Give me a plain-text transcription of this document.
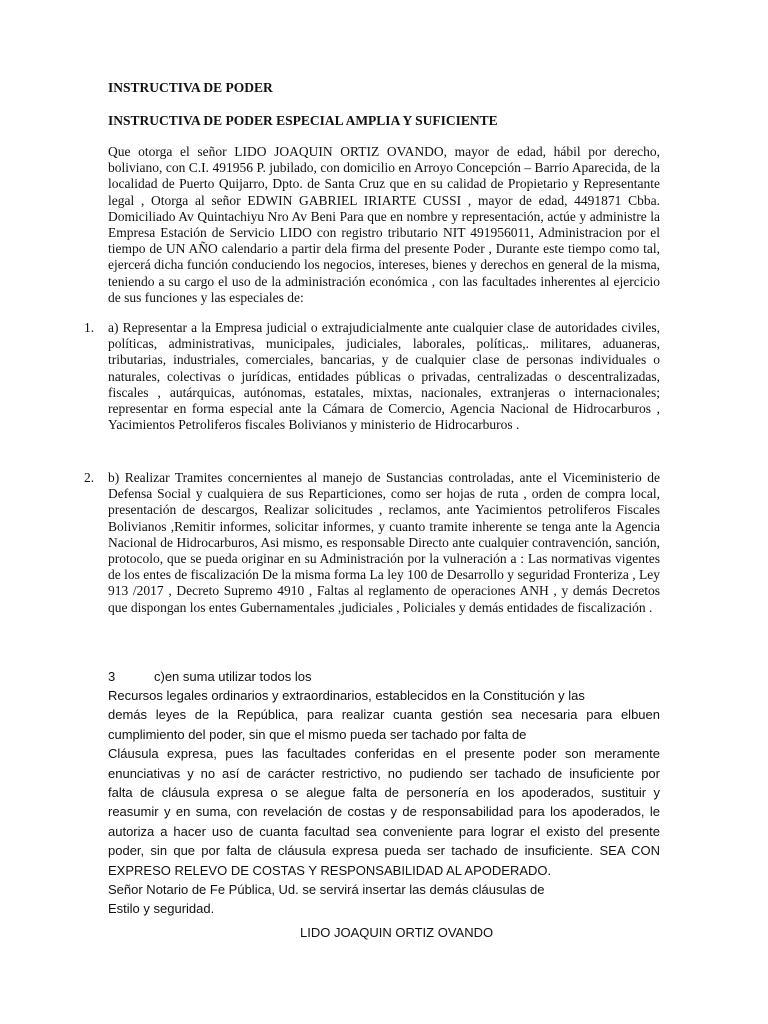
INSTRUCTIVA DE PODER

INSTRUCTIVA DE PODER ESPECIAL AMPLIA Y SUFICIENTE

Que otorga el señor LIDO JOAQUIN ORTIZ OVANDO, mayor de edad, hábil por derecho, boliviano, con C.I. 491956 P. jubilado, con domicilio en Arroyo Concepción – Barrio Aparecida, de la localidad de Puerto Quijarro, Dpto. de Santa Cruz que en su calidad de Propietario y Representante legal , Otorga al señor EDWIN GABRIEL IRIARTE CUSSI , mayor de edad, 4491871 Cbba. Domiciliado Av Quintachiyu Nro Av Beni Para que en nombre y representación, actúe y administre la Empresa Estación de Servicio LIDO con registro tributario NIT 491956011, Administracion por el tiempo de UN AÑO calendario a partir dela firma del presente Poder , Durante este tiempo como tal, ejercerá dicha función conduciendo los negocios, intereses, bienes y derechos en general de la misma, teniendo a su cargo el uso de la administración económica , con las facultades inherentes al ejercicio de sus funciones y las especiales de:

1. a) Representar a la Empresa judicial o extrajudicialmente ante cualquier clase de autoridades civiles, políticas, administrativas, municipales, judiciales, laborales, políticas,. militares, aduaneras, tributarias, industriales, comerciales, bancarias, y de cualquier clase de personas individuales o naturales, colectivas o jurídicas, entidades públicas o privadas, centralizadas o descentralizadas, fiscales , autárquicas, autónomas, estatales, mixtas, nacionales, extranjeras o internacionales; representar en forma especial ante la Cámara de Comercio, Agencia Nacional de Hidrocarburos , Yacimientos Petroliferos fiscales Bolivianos y ministerio de Hidrocarburos .

2. b) Realizar Tramites concernientes al manejo de Sustancias controladas, ante el Viceministerio de Defensa Social y cualquiera de sus Reparticiones, como ser hojas de ruta , orden de compra local, presentación de descargos, Realizar solicitudes , reclamos, ante Yacimientos petroliferos Fiscales Bolivianos ,Remitir informes, solicitar informes, y cuanto tramite inherente se tenga ante la Agencia Nacional de Hidrocarburos, Asi mismo, es responsable Directo ante cualquier contravención, sanción, protocolo, que se pueda originar en su Administración por la vulneración a : Las normativas vigentes de los entes de fiscalización De la misma forma La ley 100 de Desarrollo y seguridad Fronteriza , Ley 913 /2017 , Decreto Supremo 4910 , Faltas al reglamento de operaciones ANH , y demás Decretos que dispongan los entes Gubernamentales ,judiciales , Policiales y demás entidades de fiscalización .

3	c)en suma utilizar todos los
Recursos legales ordinarios y extraordinarios, establecidos en la Constitución y las
demás leyes de la República, para realizar cuanta gestión sea necesaria para elbuen
cumplimiento del poder, sin que el mismo pueda ser tachado por falta de
Cláusula expresa, pues las facultades conferidas en el presente poder son meramente
enunciativas y no así de carácter restrictivo, no pudiendo ser tachado de insuficiente por
falta de cláusula expresa o se alegue falta de personería en los apoderados, sustituir y
reasumir y en suma, con revelación de costas y de responsabilidad para los apoderados, le
autoriza a hacer uso de cuanta facultad sea conveniente para lograr el existo del presente
poder, sin que por falta de cláusula expresa pueda ser tachado de insuficiente. SEA CON
EXPRESO RELEVO DE COSTAS Y RESPONSABILIDAD AL APODERADO.
Señor Notario de Fe Pública, Ud. se servirá insertar las demás cláusulas de
Estilo y seguridad.
LIDO JOAQUIN ORTIZ OVANDO
